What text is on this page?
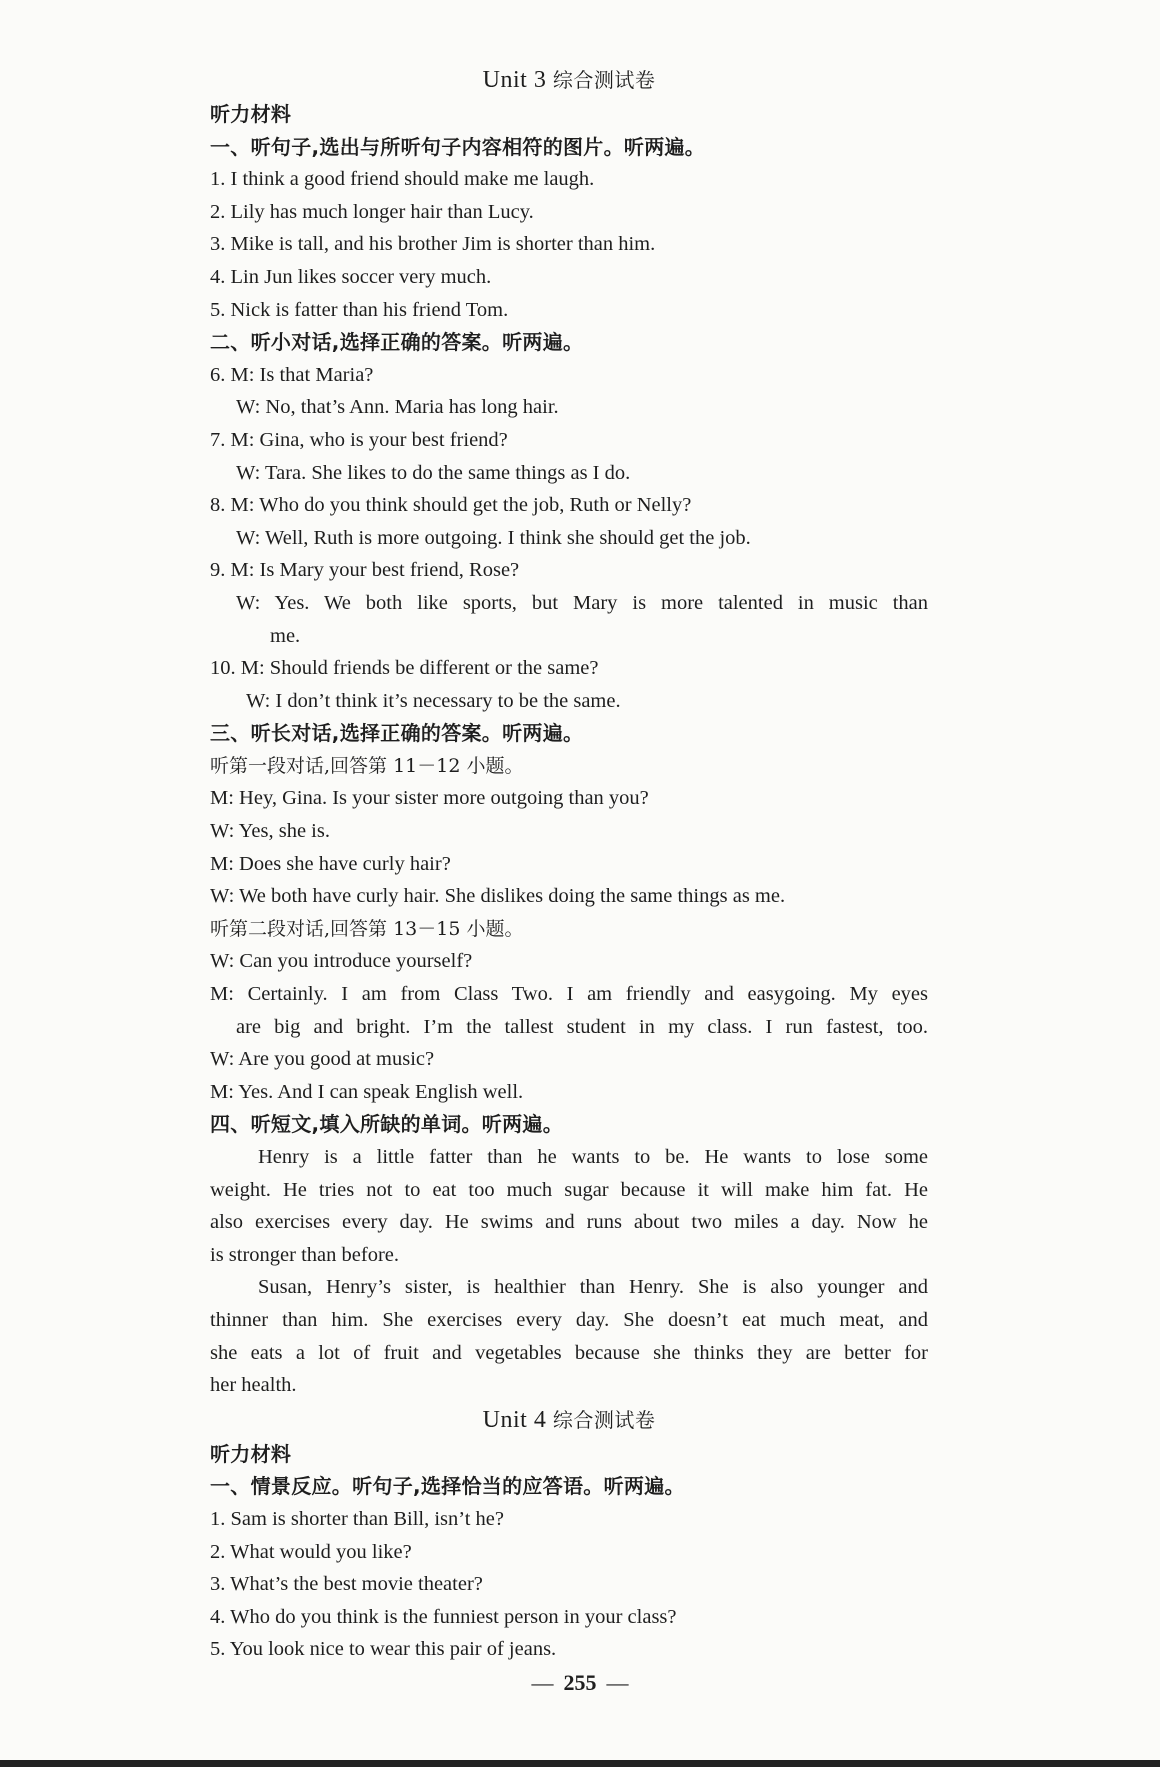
Unit 3 综合测试卷
听力材料
一、听句子,选出与所听句子内容相符的图片。听两遍。
1. I think a good friend should make me laugh.
2. Lily has much longer hair than Lucy.
3. Mike is tall, and his brother Jim is shorter than him.
4. Lin Jun likes soccer very much.
5. Nick is fatter than his friend Tom.
二、听小对话,选择正确的答案。听两遍。
6. M: Is that Maria?
W: No, that’s Ann. Maria has long hair.
7. M: Gina, who is your best friend?
W: Tara. She likes to do the same things as I do.
8. M: Who do you think should get the job, Ruth or Nelly?
W: Well, Ruth is more outgoing. I think she should get the job.
9. M: Is Mary your best friend, Rose?
W: Yes. We both like sports, but Mary is more talented in music than
me.
10. M: Should friends be different or the same?
W: I don’t think it’s necessary to be the same.
三、听长对话,选择正确的答案。听两遍。
听第一段对话,回答第 11－12 小题。
M: Hey, Gina. Is your sister more outgoing than you?
W: Yes, she is.
M: Does she have curly hair?
W: We both have curly hair. She dislikes doing the same things as me.
听第二段对话,回答第 13－15 小题。
W: Can you introduce yourself?
M: Certainly. I am from Class Two. I am friendly and easygoing. My eyes
are big and bright. I’m the tallest student in my class. I run fastest, too.
W: Are you good at music?
M: Yes. And I can speak English well.
四、听短文,填入所缺的单词。听两遍。
Henry is a little fatter than he wants to be. He wants to lose some
weight. He tries not to eat too much sugar because it will make him fat. He
also exercises every day. He swims and runs about two miles a day. Now he
is stronger than before.
Susan, Henry’s sister, is healthier than Henry. She is also younger and
thinner than him. She exercises every day. She doesn’t eat much meat, and
she eats a lot of fruit and vegetables because she thinks they are better for
her health.
Unit 4 综合测试卷
听力材料
一、情景反应。听句子,选择恰当的应答语。听两遍。
1. Sam is shorter than Bill, isn’t he?
2. What would you like?
3. What’s the best movie theater?
4. Who do you think is the funniest person in your class?
5. You look nice to wear this pair of jeans.
— 255 —
